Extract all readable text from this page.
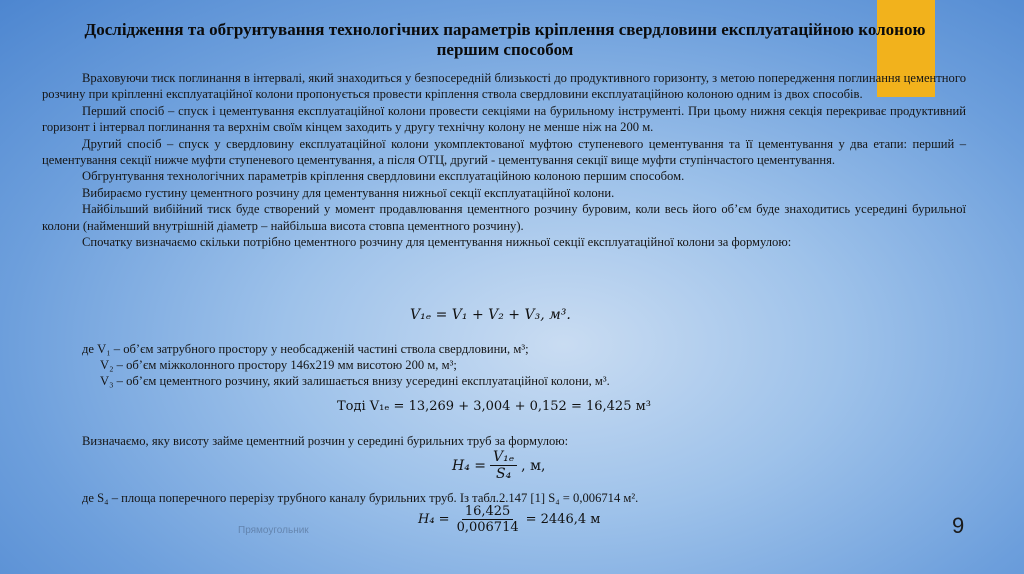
Дослідження та обгрунтування технологічних параметрів кріплення свердловини експлуатаційною колоною першим способом

Враховуючи тиск поглинання в інтервалі, який знаходиться у безпосередній близькості до продуктивного горизонту, з метою попередження поглинання цементного розчину при кріпленні експлуатаційної колони пропонується провести кріплення ствола свердловини експлуатаційною колоною одним із двох способів.

Перший спосіб – спуск і цементування експлуатаційної колони провести секціями на бурильному інструменті. При цьому нижня секція перекриває продуктивний горизонт і інтервал поглинання та верхнім своїм кінцем заходить у другу технічну колону не менше ніж на 200 м.

Другий спосіб – спуск у свердловину експлуатаційної колони укомплектованої муфтою ступеневого цементування та її цементування у два етапи: перший – цементування секції нижче муфти ступеневого цементування, а після ОТЦ, другий - цементування секції вище муфти ступінчастого цементування.

Обгрунтування технологічних параметрів кріплення свердловини експлуатаційною колоною першим способом.

Вибираємо густину цементного розчину для цементування нижньої секції експлуатаційної колони.

Найбільший вибійний тиск буде створений у момент продавлювання цементного розчину буровим, коли весь його об’єм буде знаходитись усередині бурильної колони (найменший внутрішній діаметр – найбільша висота стовпа цементного розчину).

Спочатку визначаємо скільки потрібно цементного розчину для цементування нижньої секції експлуатаційної колони за формулою:

V₁ₑ = V₁ + V₂ + V₃, м³.
де V₁ – об’єм затрубного простору у необсадженій частині ствола свердловини, м³;
V₂ – об’єм міжколонного простору 146х219 мм висотою 200 м, м³;
V₃ – об’єм цементного розчину, який залишається внизу усередині експлуатаційної колони, м³.
Тоді V₁ₑ = 13,269 + 3,004 + 0,152 = 16,425 м³
Визначаємо, яку висоту займе цементний розчин у середині бурильних труб за формулою:
$H_4 = \frac{\text{V₁ₑ}}{\text{S₄}}$ , м,
де S₄ – площа поперечного перерізу трубного каналу бурильних труб. Із табл.2.147 [1] S₄ = 0,006714 м².
$H_4 = \frac{16,425}{0,006714} = 2446,4$ м
Прямоугольник	9
